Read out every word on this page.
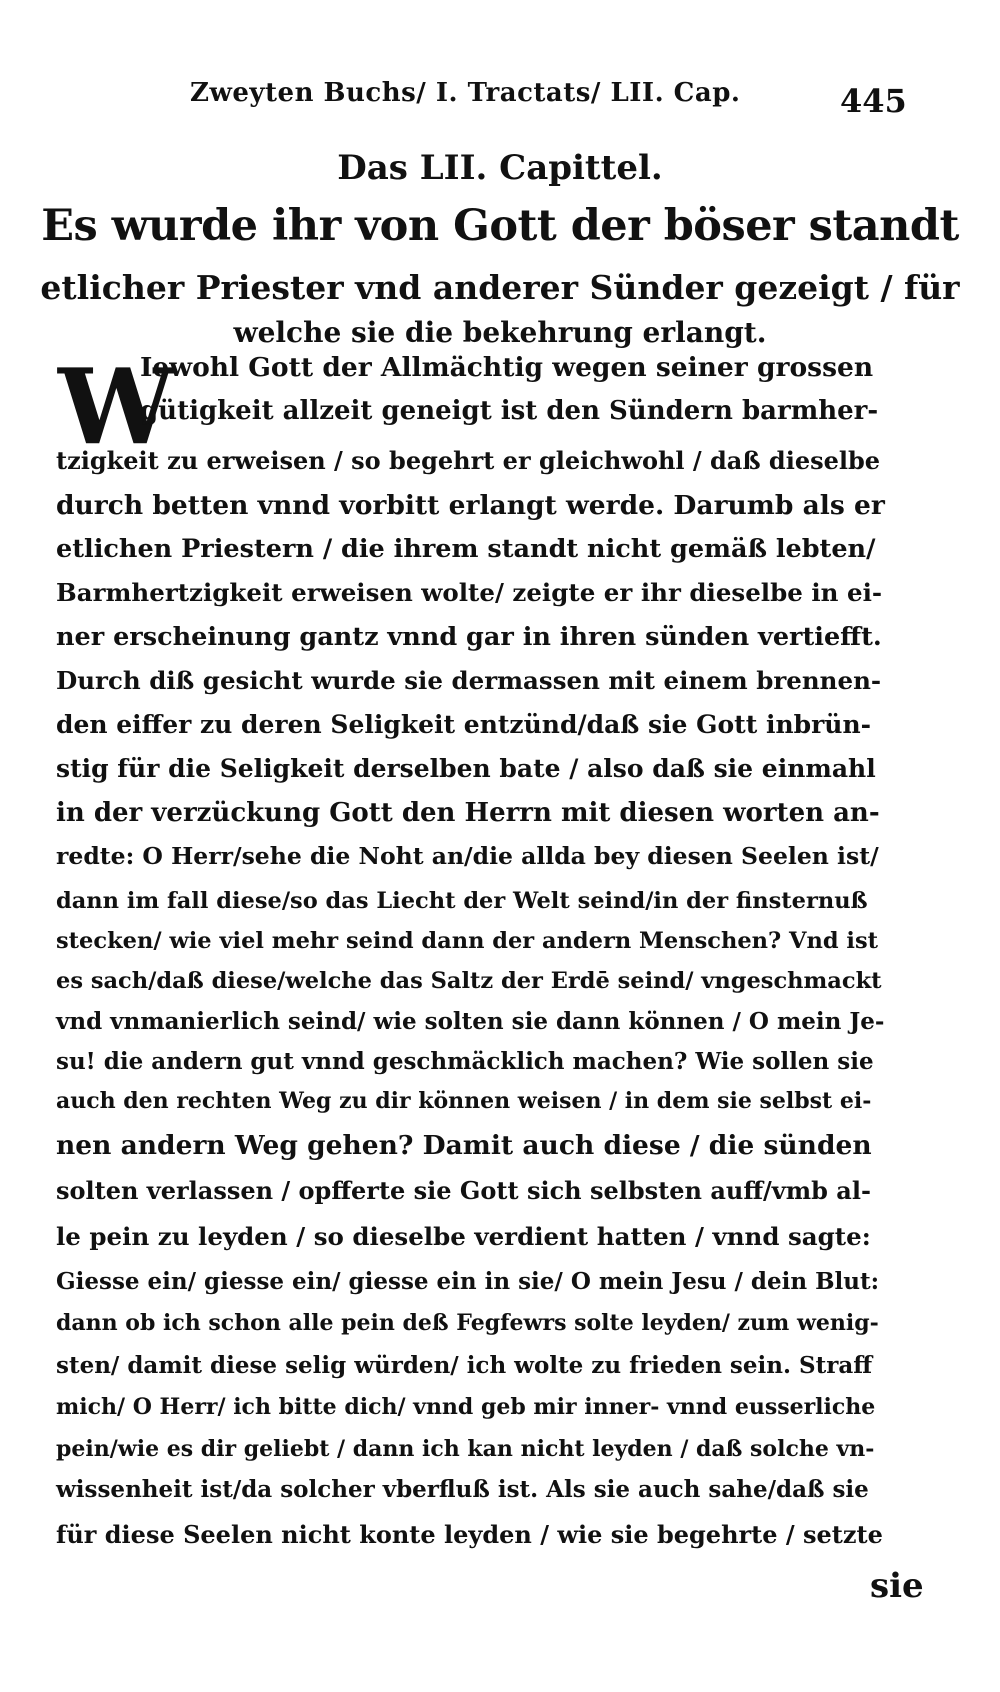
Zweyten Buchs/ I. Tractats/ LII. Cap.	445
Das LII. Capittel.
Es wurde ihr von Gott der böser standt
etlicher Priester vnd anderer Sünder gezeigt / für
welche sie die bekehrung erlangt.
W
Iewohl Gott der Allmächtig wegen seiner grossen
gütigkeit allzeit geneigt ist den Sündern barmher-
tzigkeit zu erweisen / so begehrt er gleichwohl / daß dieselbe
durch betten vnnd vorbitt erlangt werde. Darumb als er
etlichen Priestern / die ihrem standt nicht gemäß lebten/
Barmhertzigkeit erweisen wolte/ zeigte er ihr dieselbe in ei-
ner erscheinung gantz vnnd gar in ihren sünden vertiefft.
Durch diß gesicht wurde sie dermassen mit einem brennen-
den eiffer zu deren Seligkeit entzünd/daß sie Gott inbrün-
stig für die Seligkeit derselben bate / also daß sie einmahl
in der verzückung Gott den Herrn mit diesen worten an-
redte: O Herr/sehe die Noht an/die allda bey diesen Seelen ist/
dann im fall diese/so das Liecht der Welt seind/in der finsternuß
stecken/ wie viel mehr seind dann der andern Menschen? Vnd ist
es sach/daß diese/welche das Saltz der Erdē seind/ vngeschmackt
vnd vnmanierlich seind/ wie solten sie dann können / O mein Je-
su! die andern gut vnnd geschmäcklich machen? Wie sollen sie
auch den rechten Weg zu dir können weisen / in dem sie selbst ei-
nen andern Weg gehen? Damit auch diese / die sünden
solten verlassen / opfferte sie Gott sich selbsten auff/vmb al-
le pein zu leyden / so dieselbe verdient hatten / vnnd sagte:
Giesse ein/ giesse ein/ giesse ein in sie/ O mein Jesu / dein Blut:
dann ob ich schon alle pein deß Fegfewrs solte leyden/ zum wenig-
sten/ damit diese selig würden/ ich wolte zu frieden sein. Straff
mich/ O Herr/ ich bitte dich/ vnnd geb mir inner- vnnd eusserliche
pein/wie es dir geliebt / dann ich kan nicht leyden / daß solche vn-
wissenheit ist/da solcher vberfluß ist. Als sie auch sahe/daß sie
für diese Seelen nicht konte leyden / wie sie begehrte / setzte
sie
